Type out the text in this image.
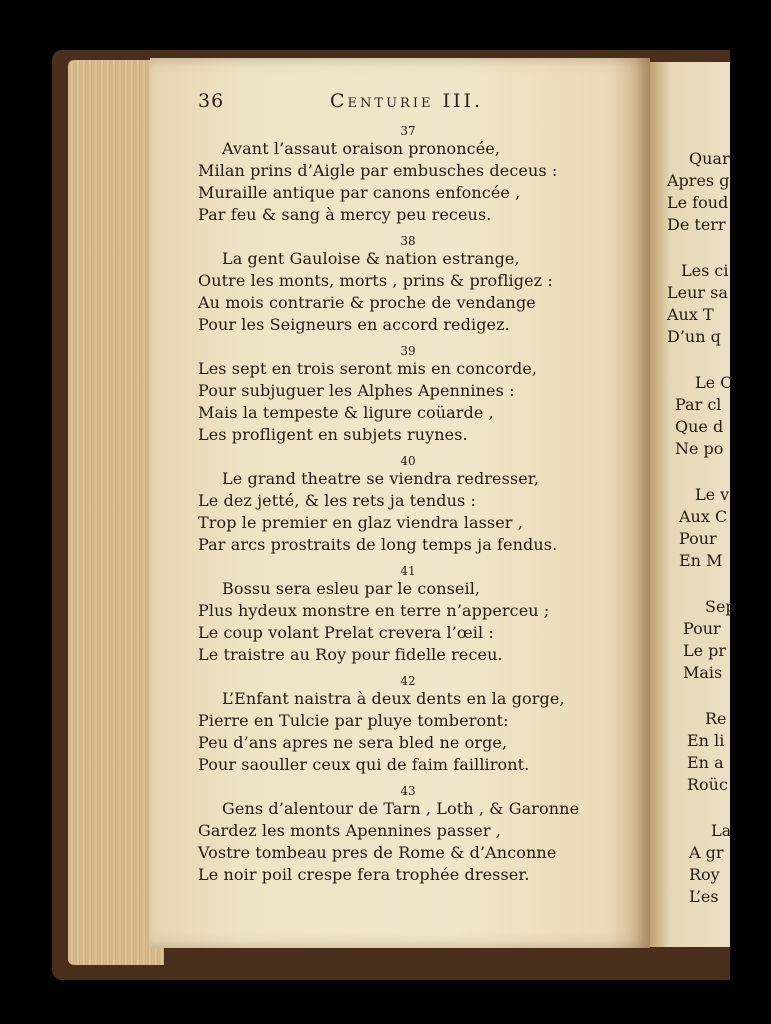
36	Centurie III.
37
Avant l’assaut oraison prononcée,
Milan prins d’Aigle par embusches deceus :
Muraille antique par canons enfoncée ,
Par feu & sang à mercy peu receus.
38
La gent Gauloise & nation estrange,
Outre les monts, morts , prins & profligez :
Au mois contrarie & proche de vendange
Pour les Seigneurs en accord redigez.
39
Les sept en trois seront mis en concorde,
Pour subjuguer les Alphes Apennines :
Mais la tempeste & ligure coüarde ,
Les profligent en subjets ruynes.
40
Le grand theatre se viendra redresser,
Le dez jetté, & les rets ja tendus :
Trop le premier en glaz viendra lasser ,
Par arcs prostraits de long temps ja fendus.
41
Bossu sera esleu par le conseil,
Plus hydeux monstre en terre n’apperceu ;
Le coup volant Prelat crevera l’œil :
Le traistre au Roy pour fidelle receu.
42
L’Enfant naistra à deux dents en la gorge,
Pierre en Tulcie par pluye tomberont:
Peu d’ans apres ne sera bled ne orge,
Pour saouller ceux qui de faim failliront.
43
Gens d’alentour de Tarn , Loth , & Garonne
Gardez les monts Apennines passer ,
Vostre tombeau pres de Rome & d’Anconne
Le noir poil crespe fera trophée dresser.
Quar
Apres g
Le foud
De terr
Les ci
Leur sa
Aux T
D’un q
Le C
Par cl
Que d
Ne po
Le v
Aux C
Pour
En M
Sep
Pour
Le pr
Mais
Re
En li
En a
Roüc
La
A gr
Roy
L’es
